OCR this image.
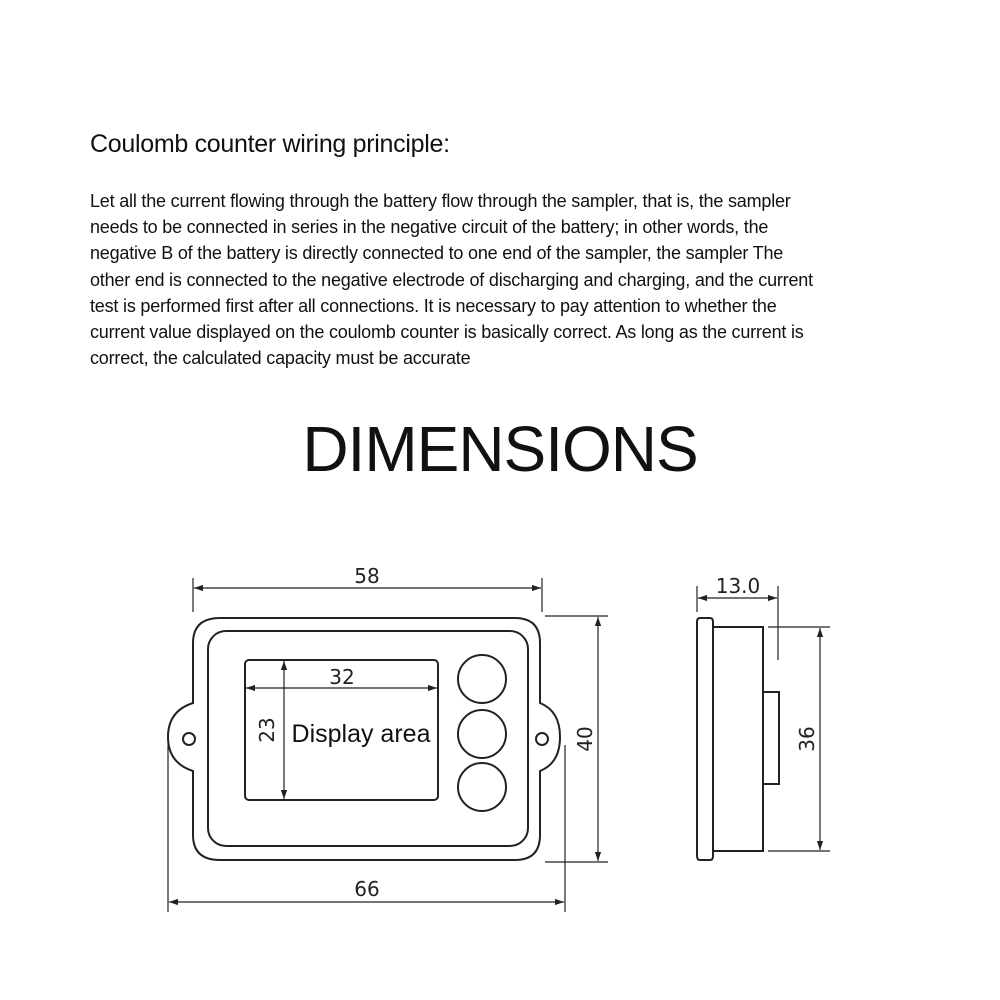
Coulomb counter wiring principle:
Let all the current flowing through the battery flow through the sampler, that is, the sampler
needs to be connected in series in the negative circuit of the battery; in other words, the
negative B of the battery is directly connected to one end of the sampler, the sampler The
other end is connected to the negative electrode of discharging and charging, and the current
test is performed first after all connections. It is necessary to pay attention to whether the
current value displayed on the coulomb counter is basically correct. As long as the current is
correct, the calculated capacity must be accurate
DIMENSIONS
58
66
40
32
23 Display area
13.0
36
